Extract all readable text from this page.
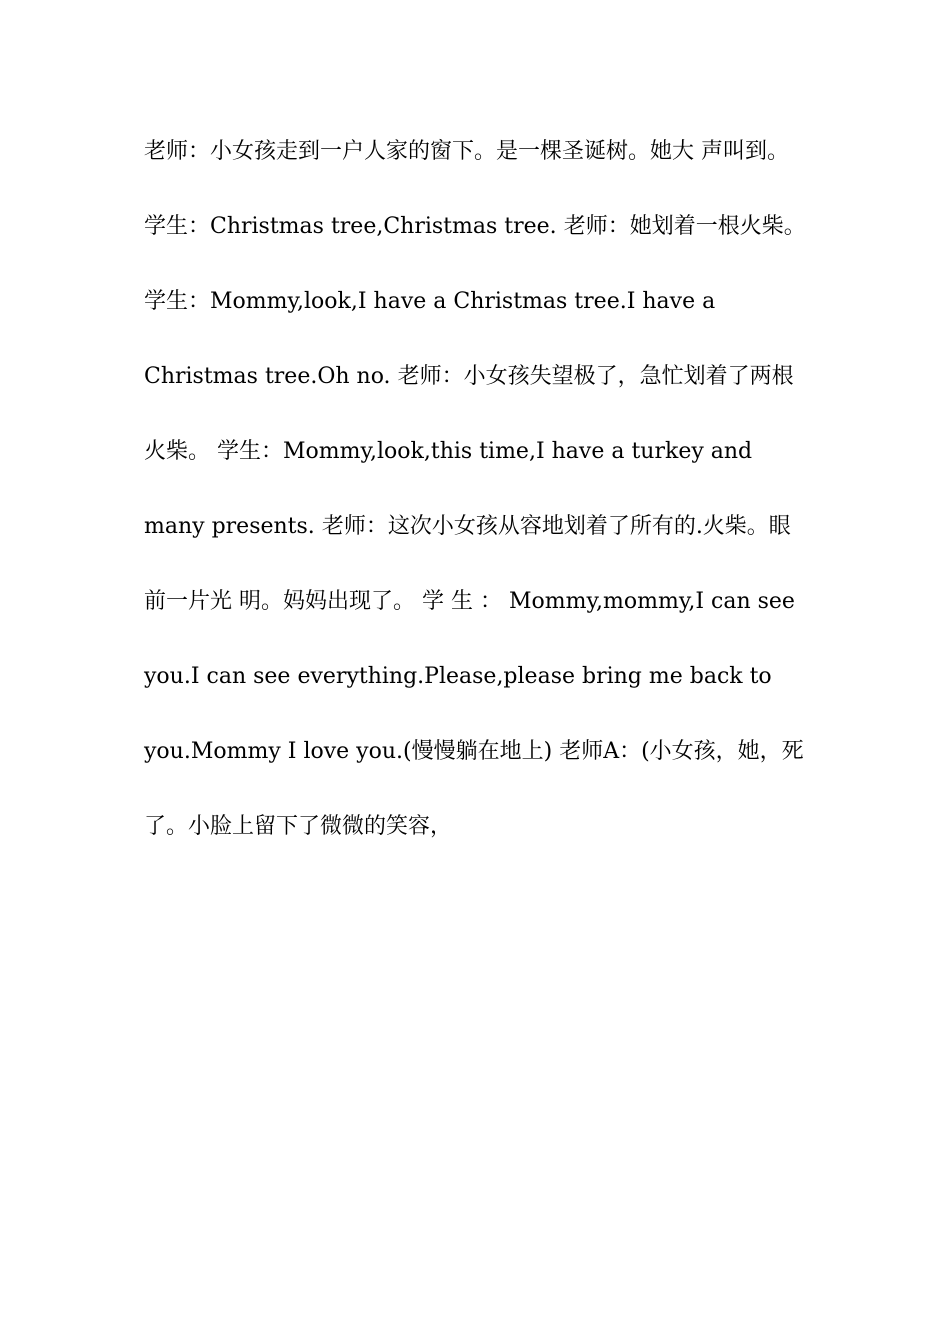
老师：小女孩走到一户人家的窗下。是一棵圣诞树。她大 声叫到。 学生：Christmas tree,Christmas tree. 老师：她划着一根火柴。 学生：Mommy,look,I have a Christmas tree.I have a Christmas tree.Oh no. 老师：小女孩失望极了，急忙划着了两根火柴。 学生：Mommy,look,this time,I have a turkey and many presents. 老师：这次小女孩从容地划着了所有的.火柴。眼前一片光 明。妈妈出现了。 学 生 ： Mommy,mommy,I can see you.I can see everything.Please,please bring me back to you.Mommy I love you.(慢慢躺在地上) 老师A：(小女孩，她，死了。小脸上留下了微微的笑容，
